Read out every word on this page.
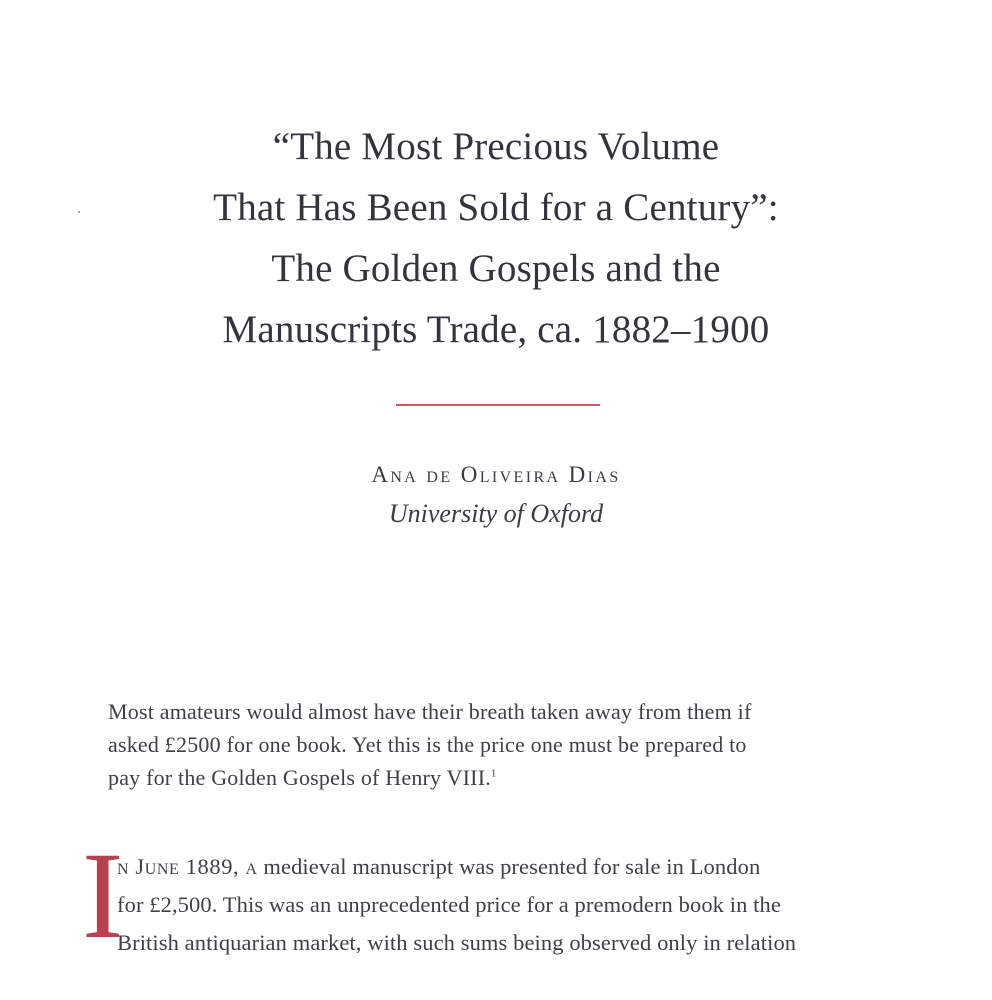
“The Most Precious Volume
That Has Been Sold for a Century”:
The Golden Gospels and the
Manuscripts Trade, ca. 1882–1900
Ana de Oliveira Dias
University of Oxford
Most amateurs would almost have their breath taken away from them if
asked £2500 for one book. Yet this is the price one must be prepared to
pay for the Golden Gospels of Henry VIII.$^1$
I
n June 1889, a medieval manuscript was presented for sale in London
for £2,500. This was an unprecedented price for a premodern book in the
British antiquarian market, with such sums being observed only in relation
